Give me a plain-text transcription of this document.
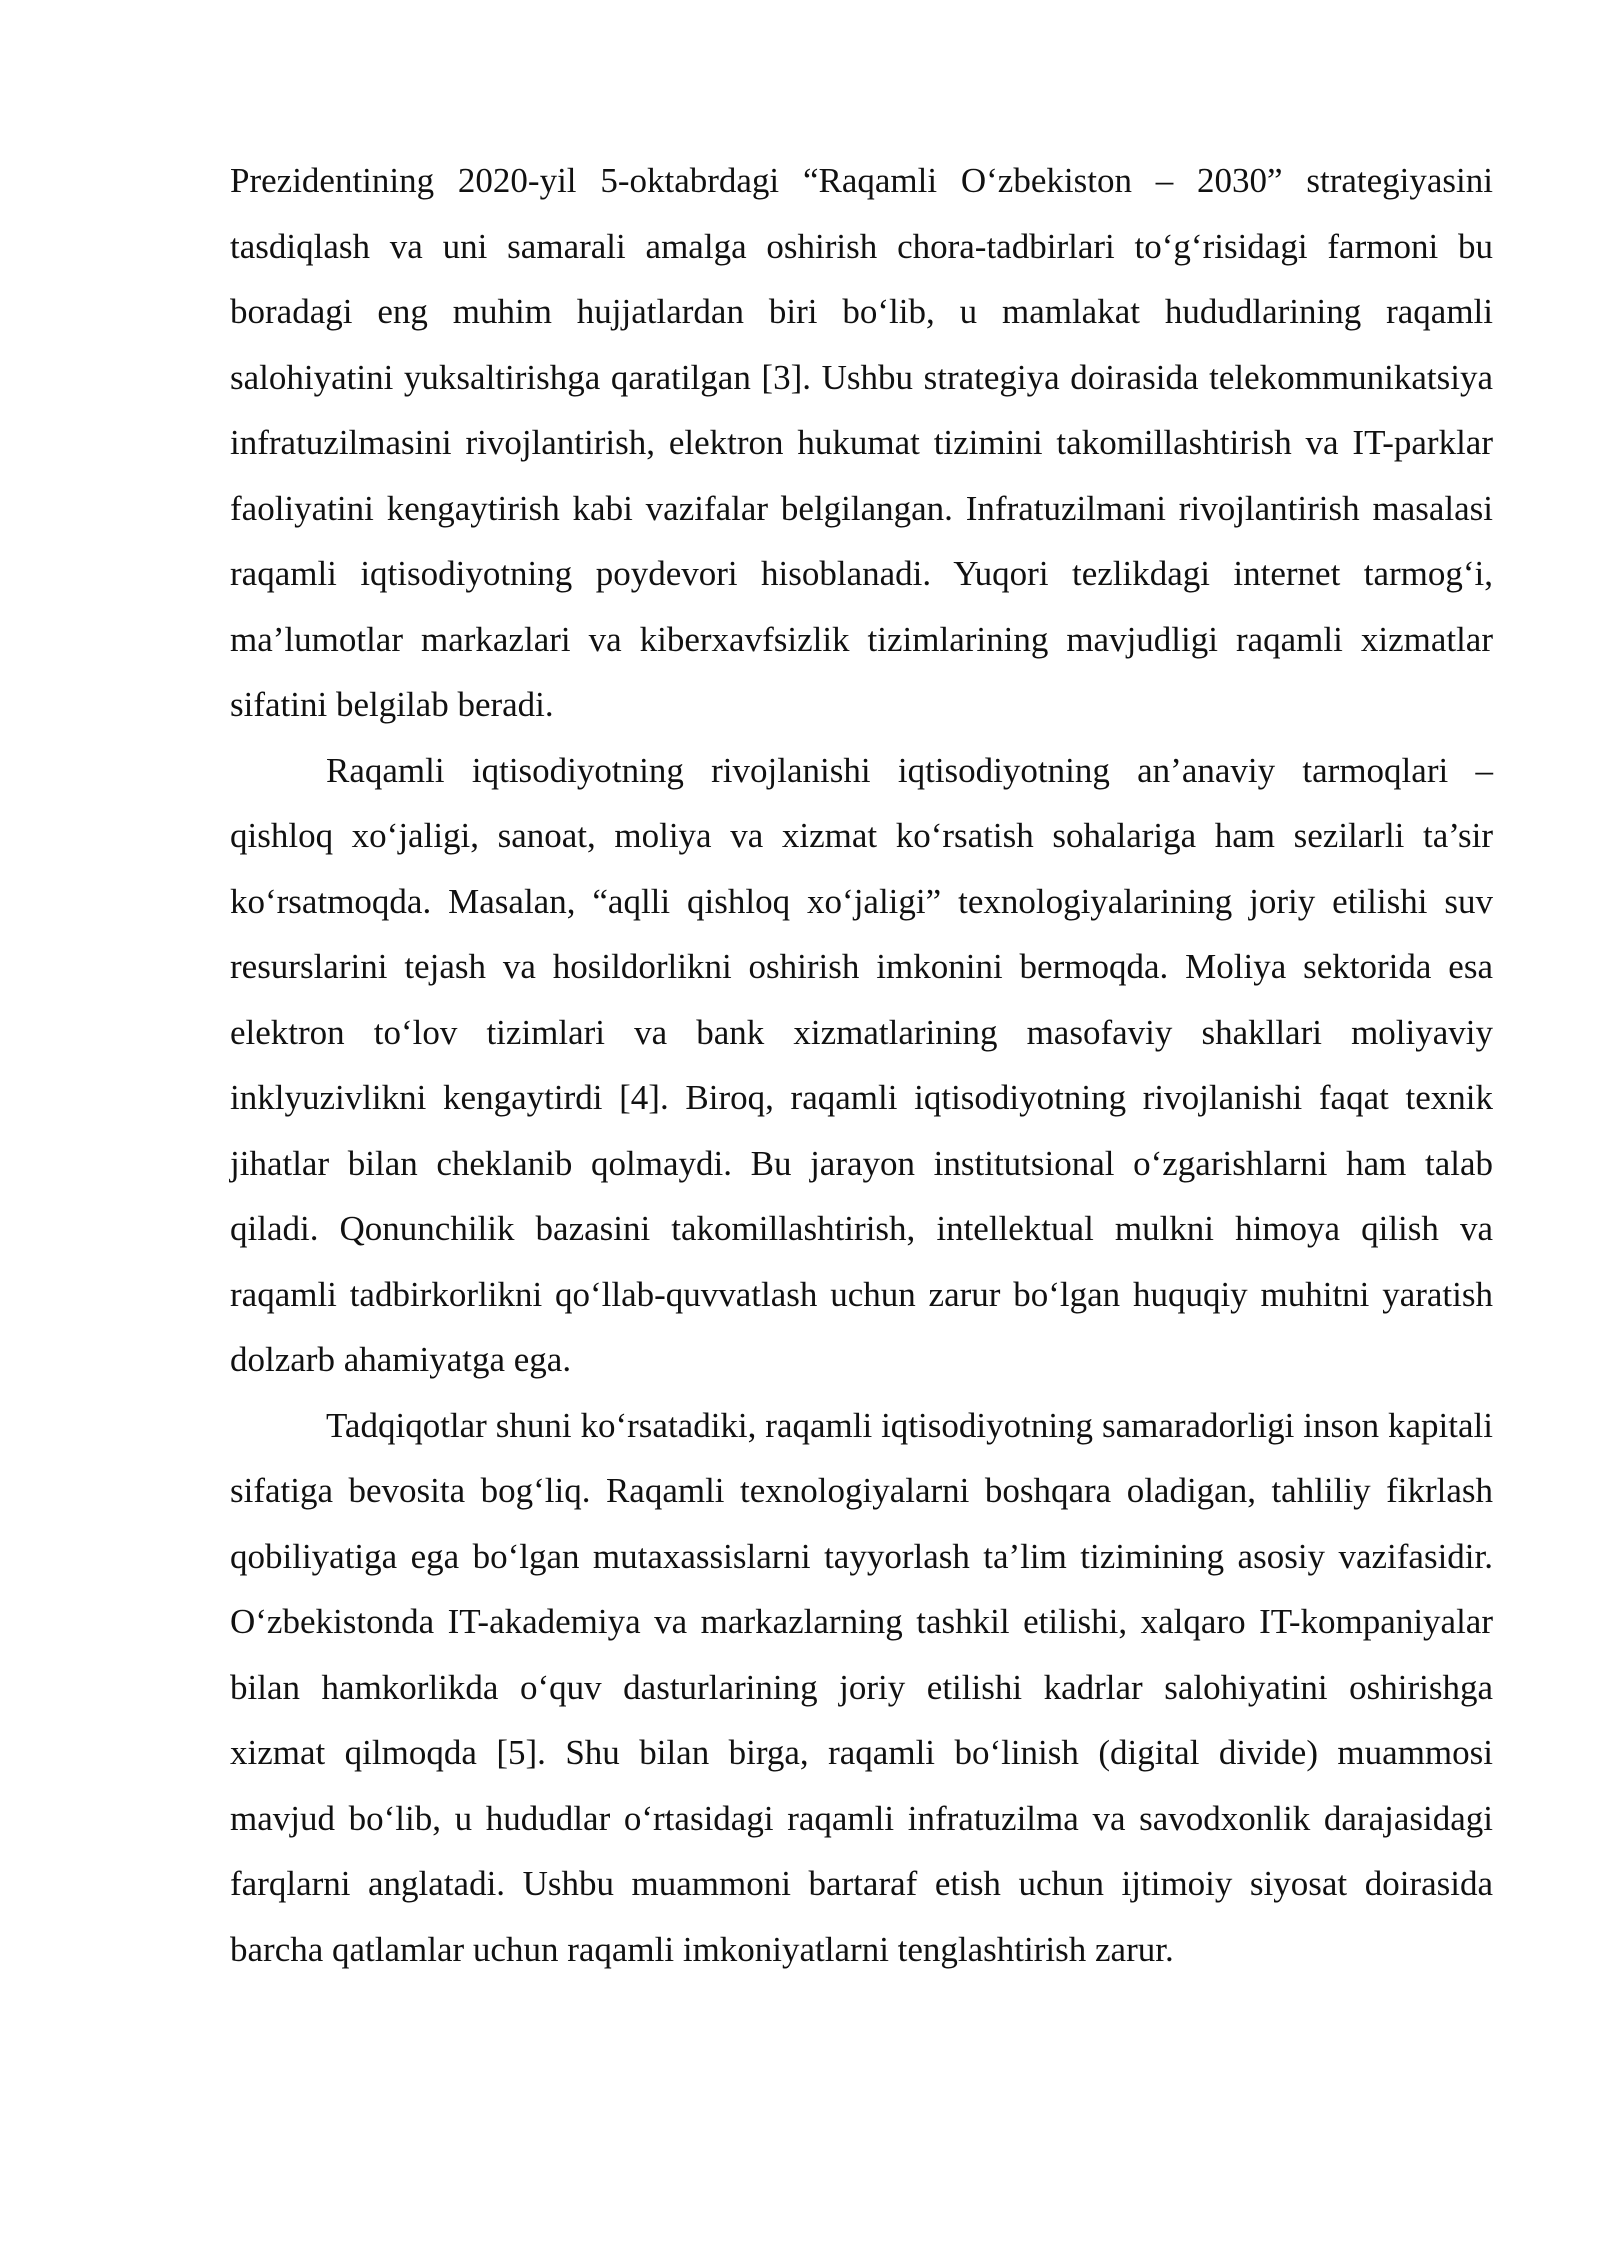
Prezidentining 2020-yil 5-oktabrdagi “Raqamli O‘zbekiston – 2030” strategiyasini tasdiqlash va uni samarali amalga oshirish chora-tadbirlari to‘g‘risidagi farmoni bu boradagi eng muhim hujjatlardan biri bo‘lib, u mamlakat hududlarining raqamli salohiyatini yuksaltirishga qaratilgan [3]. Ushbu strategiya doirasida telekommunikatsiya infratuzilmasini rivojlantirish, elektron hukumat tizimini takomillashtirish va IT-parklar faoliyatini kengaytirish kabi vazifalar belgilangan. Infratuzilmani rivojlantirish masalasi raqamli iqtisodiyotning poydevori hisoblanadi. Yuqori tezlikdagi internet tarmog‘i, ma’lumotlar markazlari va kiberxavfsizlik tizimlarining mavjudligi raqamli xizmatlar sifatini belgilab beradi.

Raqamli iqtisodiyotning rivojlanishi iqtisodiyotning an’anaviy tarmoqlari – qishloq xo‘jaligi, sanoat, moliya va xizmat ko‘rsatish sohalariga ham sezilarli ta’sir ko‘rsatmoqda. Masalan, “aqlli qishloq xo‘jaligi” texnologiyalarining joriy etilishi suv resurslarini tejash va hosildorlikni oshirish imkonini bermoqda. Moliya sektorida esa elektron to‘lov tizimlari va bank xizmatlarining masofaviy shakllari moliyaviy inklyuzivlikni kengaytirdi [4]. Biroq, raqamli iqtisodiyotning rivojlanishi faqat texnik jihatlar bilan cheklanib qolmaydi. Bu jarayon institutsional o‘zgarishlarni ham talab qiladi. Qonunchilik bazasini takomillashtirish, intellektual mulkni himoya qilish va raqamli tadbirkorlikni qo‘llab-quvvatlash uchun zarur bo‘lgan huquqiy muhitni yaratish dolzarb ahamiyatga ega.

Tadqiqotlar shuni ko‘rsatadiki, raqamli iqtisodiyotning samaradorligi inson kapitali sifatiga bevosita bog‘liq. Raqamli texnologiyalarni boshqara oladigan, tahliliy fikrlash qobiliyatiga ega bo‘lgan mutaxassislarni tayyorlash ta’lim tizimining asosiy vazifasidir. O‘zbekistonda IT-akademiya va markazlarning tashkil etilishi, xalqaro IT-kompaniyalar bilan hamkorlikda o‘quv dasturlarining joriy etilishi kadrlar salohiyatini oshirishga xizmat qilmoqda [5]. Shu bilan birga, raqamli bo‘linish (digital divide) muammosi mavjud bo‘lib, u hududlar o‘rtasidagi raqamli infratuzilma va savodxonlik darajasidagi farqlarni anglatadi. Ushbu muammoni bartaraf etish uchun ijtimoiy siyosat doirasida barcha qatlamlar uchun raqamli imkoniyatlarni tenglashtirish zarur.
